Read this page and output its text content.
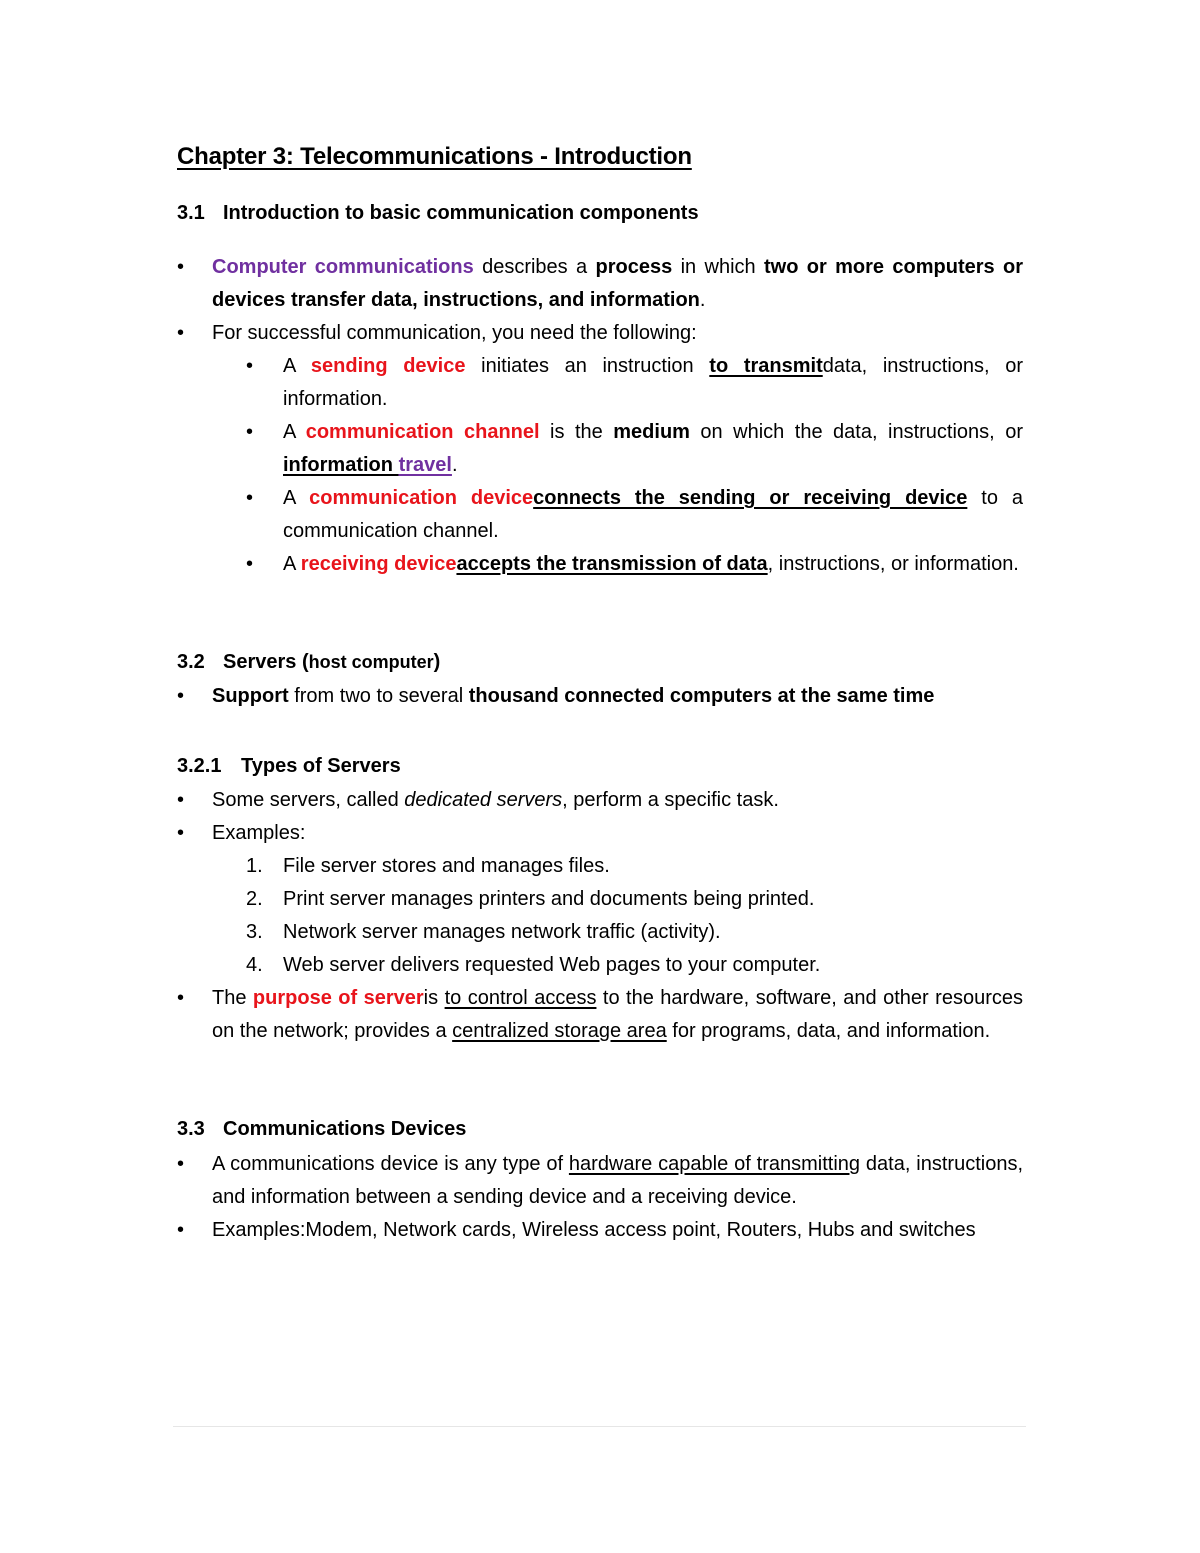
Chapter 3: Telecommunications - Introduction
3.1 Introduction to basic communication components
• Computer communications describes a process in which two or more computers or devices transfer data, instructions, and information.
• For successful communication, you need the following:
• A sending device initiates an instruction to transmitdata, instructions, or information.
• A communication channel is the medium on which the data, instructions, or information travel.
• A communication deviceconnects the sending or receiving device to a communication channel.
• A receiving deviceaccepts the transmission of data, instructions, or information.
3.2 Servers (host computer)
• Support from two to several thousand connected computers at the same time
3.2.1 Types of Servers
• Some servers, called dedicated servers, perform a specific task.
• Examples:
1. File server stores and manages files.
2. Print server manages printers and documents being printed.
3. Network server manages network traffic (activity).
4. Web server delivers requested Web pages to your computer.
• The purpose of serveris to control access to the hardware, software, and other resources on the network; provides a centralized storage area for programs, data, and information.
3.3 Communications Devices
• A communications device is any type of hardware capable of transmitting data, instructions, and information between a sending device and a receiving device.
• Examples:Modem, Network cards, Wireless access point, Routers, Hubs and switches
